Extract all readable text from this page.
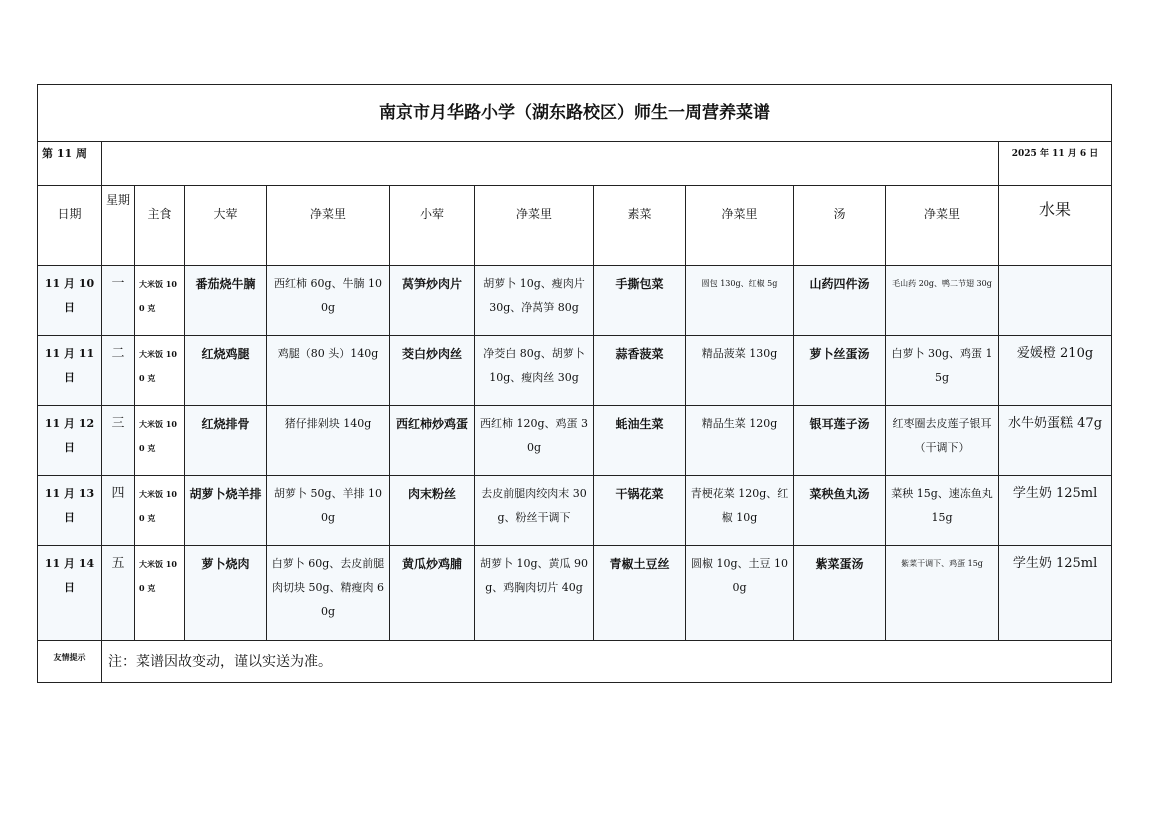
南京市月华路小学（湖东路校区）师生一周营养菜谱											
第 11 周											2025 年 11 月 6 日
日期	星期	主食	大荤	净菜里	小荤	净菜里	素菜	净菜里	汤	净菜里	水果
11 月 10 日	一	大米饭 100 克	番茄烧牛腩	西红柿 60g、牛腩 100g	莴笋炒肉片	胡萝卜 10g、瘦肉片 30g、净莴笋 80g	手撕包菜	圆包 130g、红椒 5g	山药四件汤	毛山药 20g、鸭二节翅 30g	
11 月 11 日	二	大米饭 100 克	红烧鸡腿	鸡腿（80 头）140g	茭白炒肉丝	净茭白 80g、胡萝卜 10g、瘦肉丝 30g	蒜香菠菜	精品菠菜 130g	萝卜丝蛋汤	白萝卜 30g、鸡蛋 15g	爱媛橙 210g
11 月 12 日	三	大米饭 100 克	红烧排骨	猪仔排剁块 140g	西红柿炒鸡蛋	西红柿 120g、鸡蛋 30g	蚝油生菜	精品生菜 120g	银耳莲子汤	红枣圈去皮莲子银耳（干调下）	水牛奶蛋糕 47g
11 月 13 日	四	大米饭 100 克	胡萝卜烧羊排	胡萝卜 50g、羊排 100g	肉末粉丝	去皮前腿肉绞肉末 30g、粉丝干调下	干锅花菜	青梗花菜 120g、红椒 10g	菜秧鱼丸汤	菜秧 15g、速冻鱼丸 15g	学生奶 125ml
11 月 14 日	五	大米饭 100 克	萝卜烧肉	白萝卜 60g、去皮前腿肉切块 50g、精瘦肉 60g	黄瓜炒鸡脯	胡萝卜 10g、黄瓜 90g、鸡胸肉切片 40g	青椒土豆丝	圆椒 10g、土豆 100g	紫菜蛋汤	紫菜干调下、鸡蛋 15g	学生奶 125ml
友情提示	注：菜谱因故变动，谨以实送为准。										
